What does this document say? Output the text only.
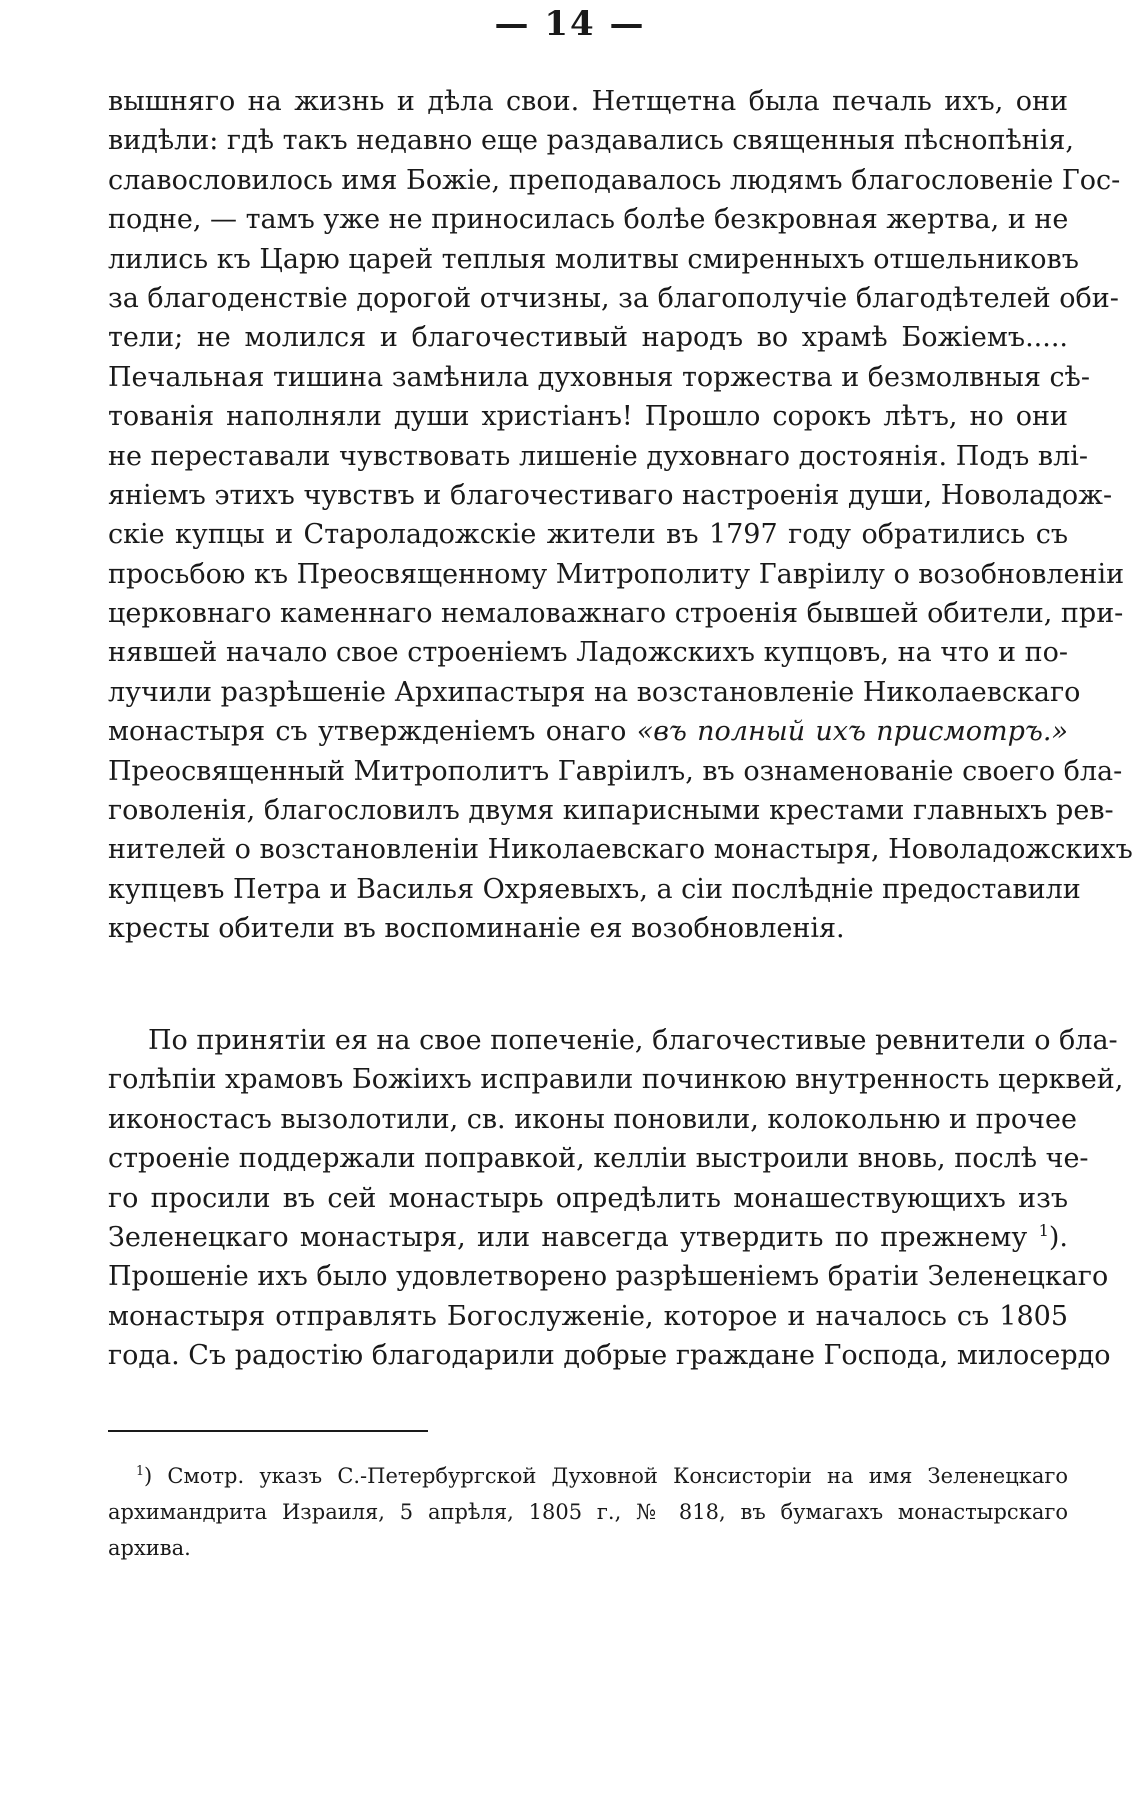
— 14 —
вышняго на жизнь и дѣла свои. Нетщетна была печаль ихъ, они
видѣли: гдѣ такъ недавно еще раздавались священныя пѣснопѣнія,
славословилось имя Божіе, преподавалось людямъ благословеніе Гос-
подне, — тамъ уже не приносилась болѣе безкровная жертва, и не
лились къ Царю царей теплыя молитвы смиренныхъ отшельниковъ
за благоденствіе дорогой отчизны, за благополучіе благодѣтелей оби-
тели; не молился и благочестивый народъ во храмѣ Божіемъ.....
Печальная тишина замѣнила духовныя торжества и безмолвныя сѣ-
тованія наполняли души христіанъ! Прошло сорокъ лѣтъ, но они
не переставали чувствовать лишеніе духовнаго достоянія. Подъ влі-
яніемъ этихъ чувствъ и благочестиваго настроенія души, Новоладож-
скіе купцы и Староладожскіе жители въ 1797 году обратились съ
просьбою къ Преосвященному Митрополиту Гавріилу о возобновленіи
церковнаго каменнаго немаловажнаго строенія бывшей обители, при-
нявшей начало свое строеніемъ Ладожскихъ купцовъ, на что и по-
лучили разрѣшеніе Архипастыря на возстановленіе Николаевскаго
монастыря съ утвержденіемъ онаго «въ полный ихъ присмотръ.»
Преосвященный Митрополитъ Гавріилъ, въ ознаменованіе своего бла-
говоленія, благословилъ двумя кипарисными крестами главныхъ рев-
нителей о возстановленіи Николаевскаго монастыря, Новоладожскихъ
купцевъ Петра и Василья Охряевыхъ, а сіи послѣдніе предоставили
кресты обители въ воспоминаніе ея возобновленія.
По принятіи ея на свое попеченіе, благочестивые ревнители о бла-
голѣпіи храмовъ Божіихъ исправили починкою внутренность церквей,
иконостасъ вызолотили, св. иконы поновили, колокольню и прочее
строеніе поддержали поправкой, келліи выстроили вновь, послѣ че-
го просили въ сей монастырь опредѣлить монашествующихъ изъ
Зеленецкаго монастыря, или навсегда утвердить по прежнему $^1$).
Прошеніе ихъ было удовлетворено разрѣшеніемъ братіи Зеленецкаго
монастыря отправлять Богослуженіе, которое и началось съ 1805
года. Съ радостію благодарили добрые граждане Господа, милосердо
$^1$) Смотр. указъ С.-Петербургской Духовной Консисторіи на имя Зеленецкаго
архимандрита Израиля, 5 апрѣля, 1805 г., № 818, въ бумагахъ монастырскаго
архива.
